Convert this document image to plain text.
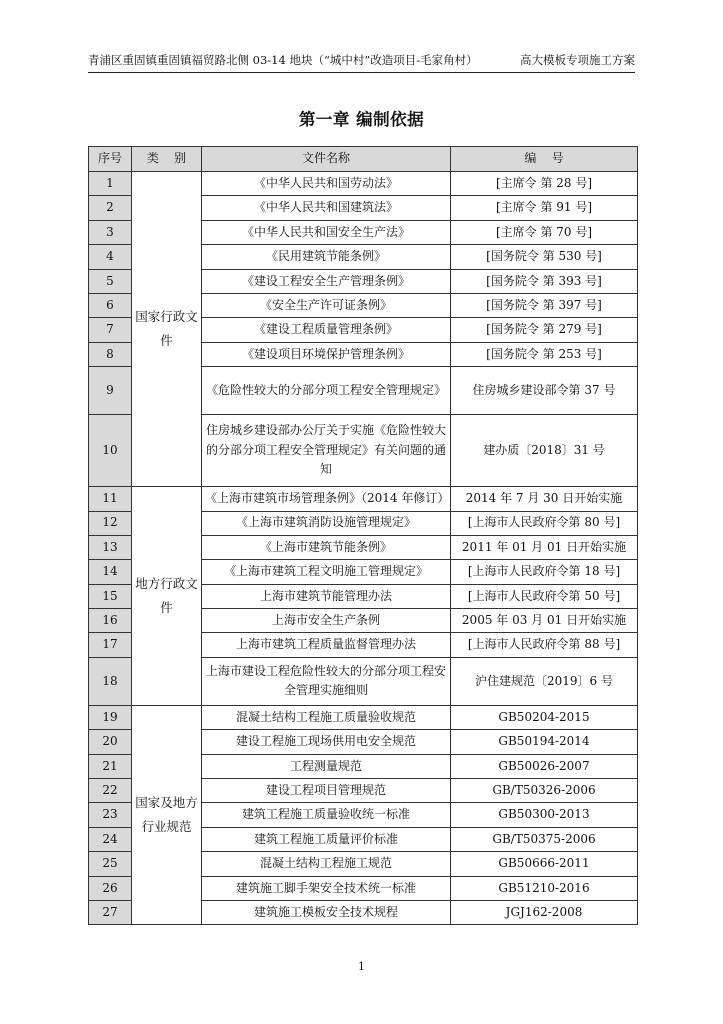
青浦区重固镇重固镇福贸路北侧 03-14 地块（“城中村”改造项目-毛家角村）	高大模板专项施工方案
第一章 编制依据
序号	类    别	文件名称	编    号
1	国家行政文件	《中华人民共和国劳动法》	[主席令 第 28 号]
2		《中华人民共和国建筑法》	[主席令 第 91 号]
3		《中华人民共和国安全生产法》	[主席令 第 70 号]
4		《民用建筑节能条例》	[国务院令 第 530 号]
5		《建设工程安全生产管理条例》	[国务院令 第 393 号]
6		《安全生产许可证条例》	[国务院令 第 397 号]
7		《建设工程质量管理条例》	[国务院令 第 279 号]
8		《建设项目环境保护管理条例》	[国务院令 第 253 号]
9		《危险性较大的分部分项工程安全管理规定》	住房城乡建设部令第 37 号
10		住房城乡建设部办公厅关于实施《危险性较大的分部分项工程安全管理规定》有关问题的通知	建办质〔2018〕31 号
11	地方行政文件	《上海市建筑市场管理条例》（2014 年修订）	2014 年 7 月 30 日开始实施
12		《上海市建筑消防设施管理规定》	[上海市人民政府令第 80 号]
13		《上海市建筑节能条例》	2011 年 01 月 01 日开始实施
14		《上海市建筑工程文明施工管理规定》	[上海市人民政府令第 18 号]
15		上海市建筑节能管理办法	[上海市人民政府令第 50 号]
16		上海市安全生产条例	2005 年 03 月 01 日开始实施
17		上海市建筑工程质量监督管理办法	[上海市人民政府令第 88 号]
18		上海市建设工程危险性较大的分部分项工程安全管理实施细则	沪住建规范〔2019〕6 号
19	国家及地方行业规范	混凝土结构工程施工质量验收规范	GB50204-2015
20		建设工程施工现场供用电安全规范	GB50194-2014
21		工程测量规范	GB50026-2007
22		建设工程项目管理规范	GB/T50326-2006
23		建筑工程施工质量验收统一标准	GB50300-2013
24		建筑工程施工质量评价标准	GB/T50375-2006
25		混凝土结构工程施工规范	GB50666-2011
26		建筑施工脚手架安全技术统一标准	GB51210-2016
27		建筑施工模板安全技术规程	JGJ162-2008
1
